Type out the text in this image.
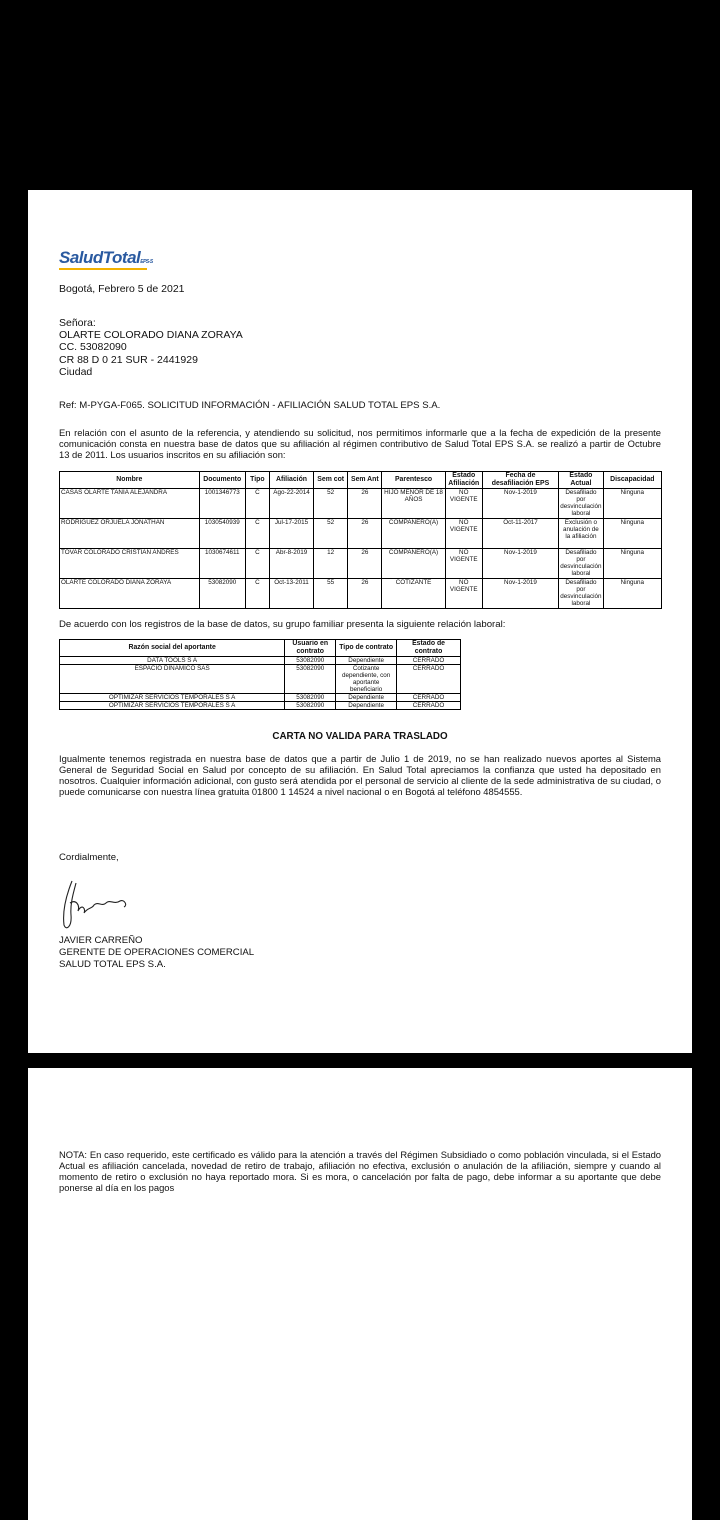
SaludTotalEPS-S
Bogotá, Febrero 5 de 2021
Señora:
OLARTE COLORADO DIANA ZORAYA
CC. 53082090
CR 88 D 0 21 SUR - 2441929
Ciudad
Ref: M-PYGA-F065. SOLICITUD INFORMACIÓN - AFILIACIÓN SALUD TOTAL EPS S.A.
En relación con el asunto de la referencia, y atendiendo su solicitud, nos permitimos informarle que a la fecha de expedición de la presente comunicación consta en nuestra base de datos que su afiliación al régimen contributivo de Salud Total EPS S.A. se realizó a partir de Octubre 13 de 2011. Los usuarios inscritos en su afiliación son:
Nombre	Documento	Tipo	Afiliación	Sem cot	Sem Ant	Parentesco	Estado Afiliación	Fecha de desafiliación EPS	Estado Actual	Discapacidad
CASAS OLARTE TANIA ALEJANDRA	1001346773	C	Ago-22-2014	52	26	HIJO MENOR DE 18 AÑOS	NO VIGENTE	Nov-1-2019	Desafiliado por desvinculación laboral	Ninguna
RODRIGUEZ ORJUELA JONATHAN	1030540939	C	Jul-17-2015	52	26	COMPAÑERO(A)	NO VIGENTE	Oct-11-2017	Exclusión o anulación de la afiliación	Ninguna
TOVAR COLORADO CRISTIAN ANDRES	1030674611	C	Abr-8-2019	12	26	COMPAÑERO(A)	NO VIGENTE	Nov-1-2019	Desafiliado por desvinculación laboral	Ninguna
OLARTE COLORADO DIANA ZORAYA	53082090	C	Oct-13-2011	55	26	COTIZANTE	NO VIGENTE	Nov-1-2019	Desafiliado por desvinculación laboral	Ninguna
De acuerdo con los registros de la base de datos, su grupo familiar presenta la siguiente relación laboral:
Razón social del aportante	Usuario en contrato	Tipo de contrato	Estado de contrato
DATA TOOLS S A	53082090	Dependiente	CERRADO
ESPACIO DINAMICO SAS	53082090	Cotizante dependiente, con aportante beneficiario	CERRADO
OPTIMIZAR SERVICIOS TEMPORALES S A	53082090	Dependiente	CERRADO
OPTIMIZAR SERVICIOS TEMPORALES S A	53082090	Dependiente	CERRADO
CARTA NO VALIDA PARA TRASLADO
Igualmente tenemos registrada en nuestra base de datos que a partir de Julio 1 de 2019, no se han realizado nuevos aportes al Sistema General de Seguridad Social en Salud por concepto de su afiliación. En Salud Total apreciamos la confianza que usted ha depositado en nosotros. Cualquier información adicional, con gusto será atendida por el personal de servicio al cliente de la sede administrativa de su ciudad, o puede comunicarse con nuestra línea gratuita 01800 1 14524 a nivel nacional o en Bogotá al teléfono 4854555.
Cordialmente,
JAVIER CARREÑO
GERENTE DE OPERACIONES COMERCIAL
SALUD TOTAL EPS S.A.
NOTA: En caso requerido, este certificado es válido para la atención a través del Régimen Subsidiado o como población vinculada, si el Estado Actual es afiliación cancelada, novedad de retiro de trabajo, afiliación no efectiva, exclusión o anulación de la afiliación, siempre y cuando al momento de retiro o exclusión no haya reportado mora. Si es mora, o cancelación por falta de pago, debe informar a su aportante que debe ponerse al día en los pagos
